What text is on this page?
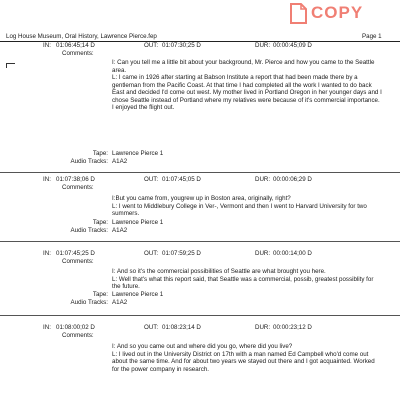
Log House Museum, Oral History, Lawrence Pierce.fep	Page 1
COPY
IN: 01:06:45;14 D	OUT: 01:07:30;25 D	DUR: 00:00:45;09 D
Comments:

I: Can you tell me a little bit about your background, Mr. Pierce and how you came to the Seattle area.

L: I came in 1926 after starting at Babson Institute a report that had been made there by a gentleman from the Pacific Coast. At that time I had completed all the work I wanted to do back East and decided I'd come out west. My mother lived in Portland Oregon in her younger days and I chose Seattle instead of Portland where my relatives were because of it's commercial importance. I enjoyed the flight out.

Tape: Lawrence Pierce 1
Audio Tracks: A1A2
IN: 01:07:38;06 D	OUT: 01:07:45;05 D	DUR: 00:00:06;29 D
Comments:

I:But you came from, yougrew up in Boston area, originally, right?

L: I went to Middlebury College in Ver-, Vermont and then I went to Harvard University for two summers.

Tape: Lawrence Pierce 1
Audio Tracks: A1A2
IN: 01:07:45;25 D	OUT: 01:07:59;25 D	DUR: 00:00:14;00 D
Comments:

I: And so it's the commercial possibilities of Seattle are what brought you here.

L: Well that's what this report said, that Seattle was a commercial, possib, greatest possiblity for the future.

Tape: Lawrence Pierce 1
Audio Tracks: A1A2
IN: 01:08:00;02 D	OUT: 01:08:23;14 D	DUR: 00:00:23;12 D
Comments:

I: And so you came out and where did you go, where did you live?

L: I lived out in the University District on 17th with a man named Ed Campbell who'd come out about the same time. And for about two years we stayed out there and I got acquainted. Worked for the power company in research.
